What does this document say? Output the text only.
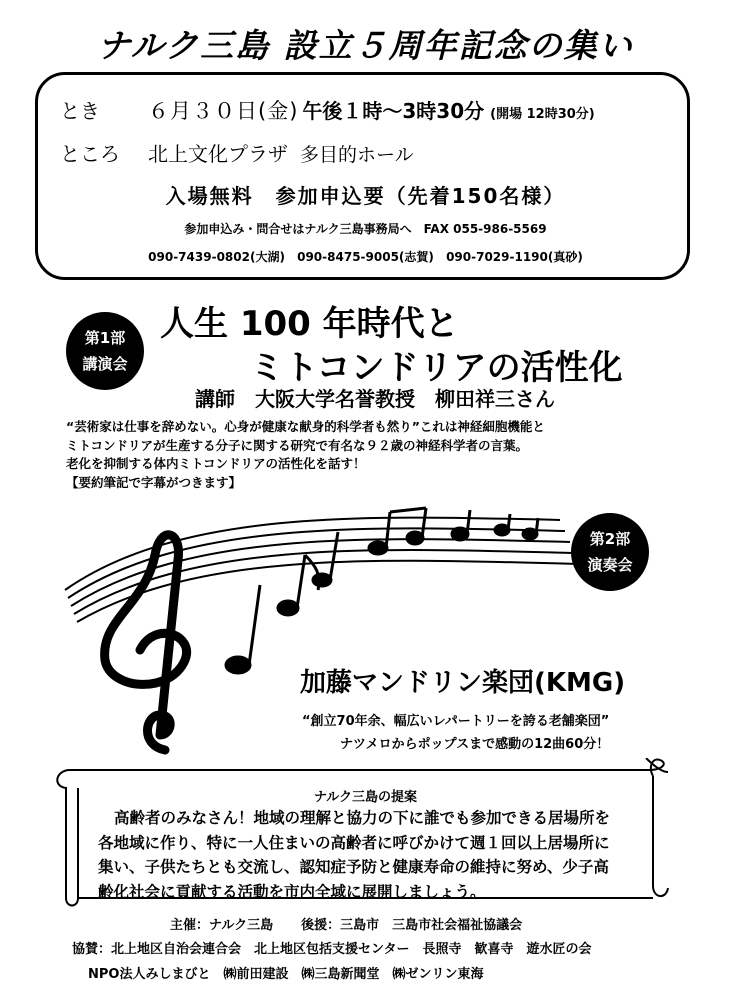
ナルク三島 設立５周年記念の集い
とき ６月３０日(金) 午後１時～3時30分 (開場 12時30分)
ところ 北上文化プラザ 多目的ホール
入場無料　参加申込要（先着150名様）
参加申込み・問合せはナルク三島事務局へ　FAX 055-986-5569
090-7439-0802(大湖) 090-8475-9005(志賀) 090-7029-1190(真砂)
第1部
講演会
人生 100 年時代と
ミトコンドリアの活性化
講師　大阪大学名誉教授　柳田祥三さん
“芸術家は仕事を辞めない。心身が健康な献身的科学者も然り”これは神経細胞機能と
ミトコンドリアが生産する分子に関する研究で有名な９２歳の神経科学者の言葉。
老化を抑制する体内ミトコンドリアの活性化を話す！
【要約筆記で字幕がつきます】
第2部
演奏会
加藤マンドリン楽団(KMG)
“創立70年余、幅広いレパートリーを誇る老舗楽団”
ナツメロからポップスまで感動の12曲60分！
ナルク三島の提案
高齢者のみなさん！地域の理解と協力の下に誰でも参加できる居場所を
各地域に作り、特に一人住まいの高齢者に呼びかけて週１回以上居場所に
集い、子供たちとも交流し、認知症予防と健康寿命の維持に努め、少子高
齢化社会に貢献する活動を市内全域に展開しましょう。
主催：ナルク三島 後援：三島市　三島市社会福祉協議会
協賛：北上地区自治会連合会　北上地区包括支援センター　長照寺　歓喜寺　遊水匠の会
NPO法人みしまびと　㈱前田建設　㈱三島新聞堂　㈱ゼンリン東海
